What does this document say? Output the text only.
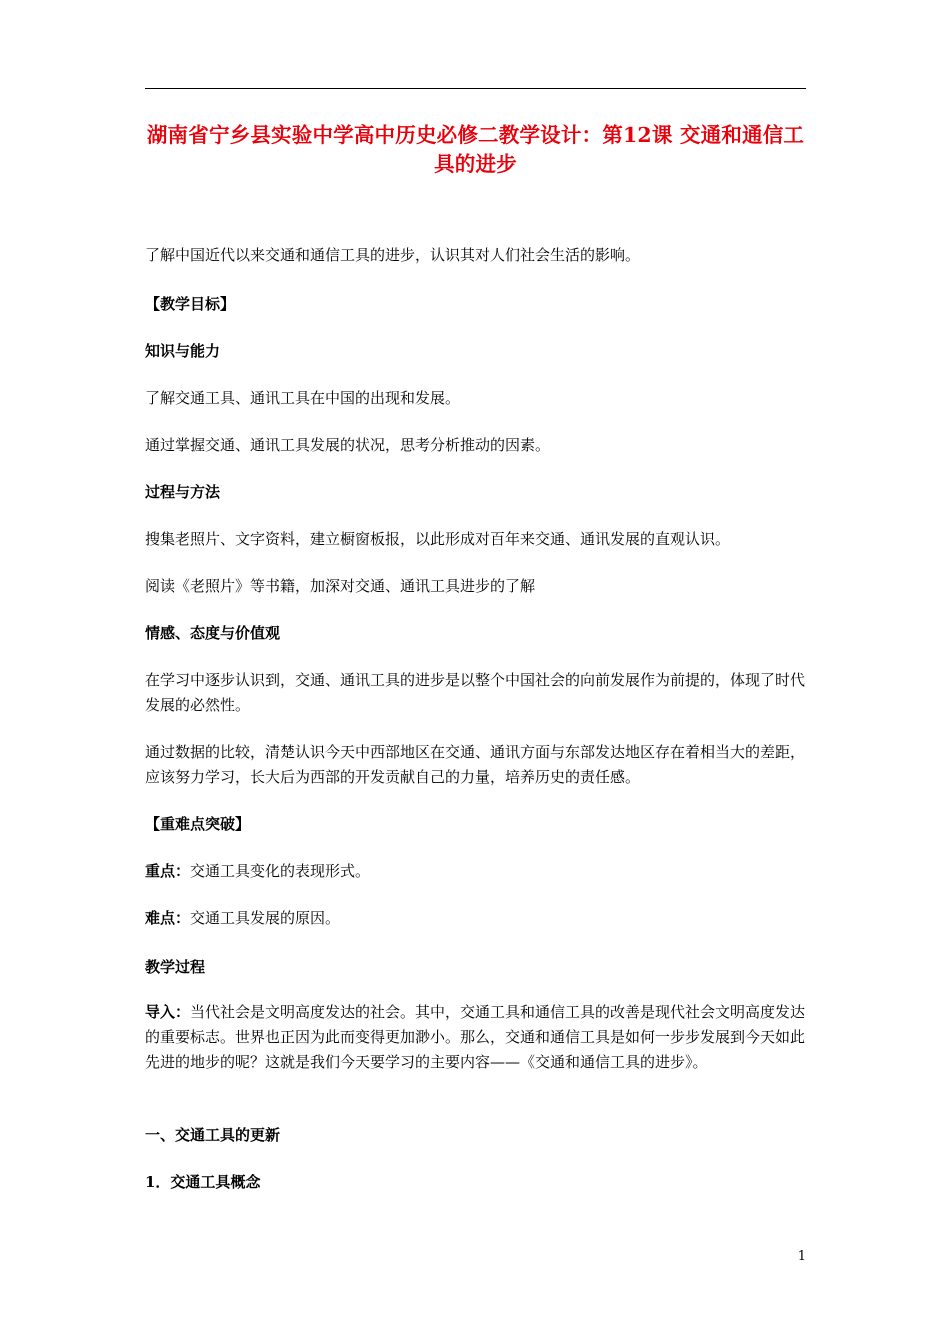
湖南省宁乡县实验中学高中历史必修二教学设计：第12课 交通和通信工具的进步
了解中国近代以来交通和通信工具的进步，认识其对人们社会生活的影响。
【教学目标】
知识与能力
了解交通工具、通讯工具在中国的出现和发展。
通过掌握交通、通讯工具发展的状况，思考分析推动的因素。
过程与方法
搜集老照片、文字资料，建立橱窗板报，以此形成对百年来交通、通讯发展的直观认识。
阅读《老照片》等书籍，加深对交通、通讯工具进步的了解
情感、态度与价值观
在学习中逐步认识到，交通、通讯工具的进步是以整个中国社会的向前发展作为前提的，体现了时代发展的必然性。
通过数据的比较，清楚认识今天中西部地区在交通、通讯方面与东部发达地区存在着相当大的差距，应该努力学习，长大后为西部的开发贡献自己的力量，培养历史的责任感。
【重难点突破】
重点：交通工具变化的表现形式。
难点：交通工具发展的原因。
教学过程
导入：当代社会是文明高度发达的社会。其中，交通工具和通信工具的改善是现代社会文明高度发达的重要标志。世界也正因为此而变得更加渺小。那么，交通和通信工具是如何一步步发展到今天如此先进的地步的呢？这就是我们今天要学习的主要内容——《交通和通信工具的进步》。
一、交通工具的更新
1．交通工具概念
1
